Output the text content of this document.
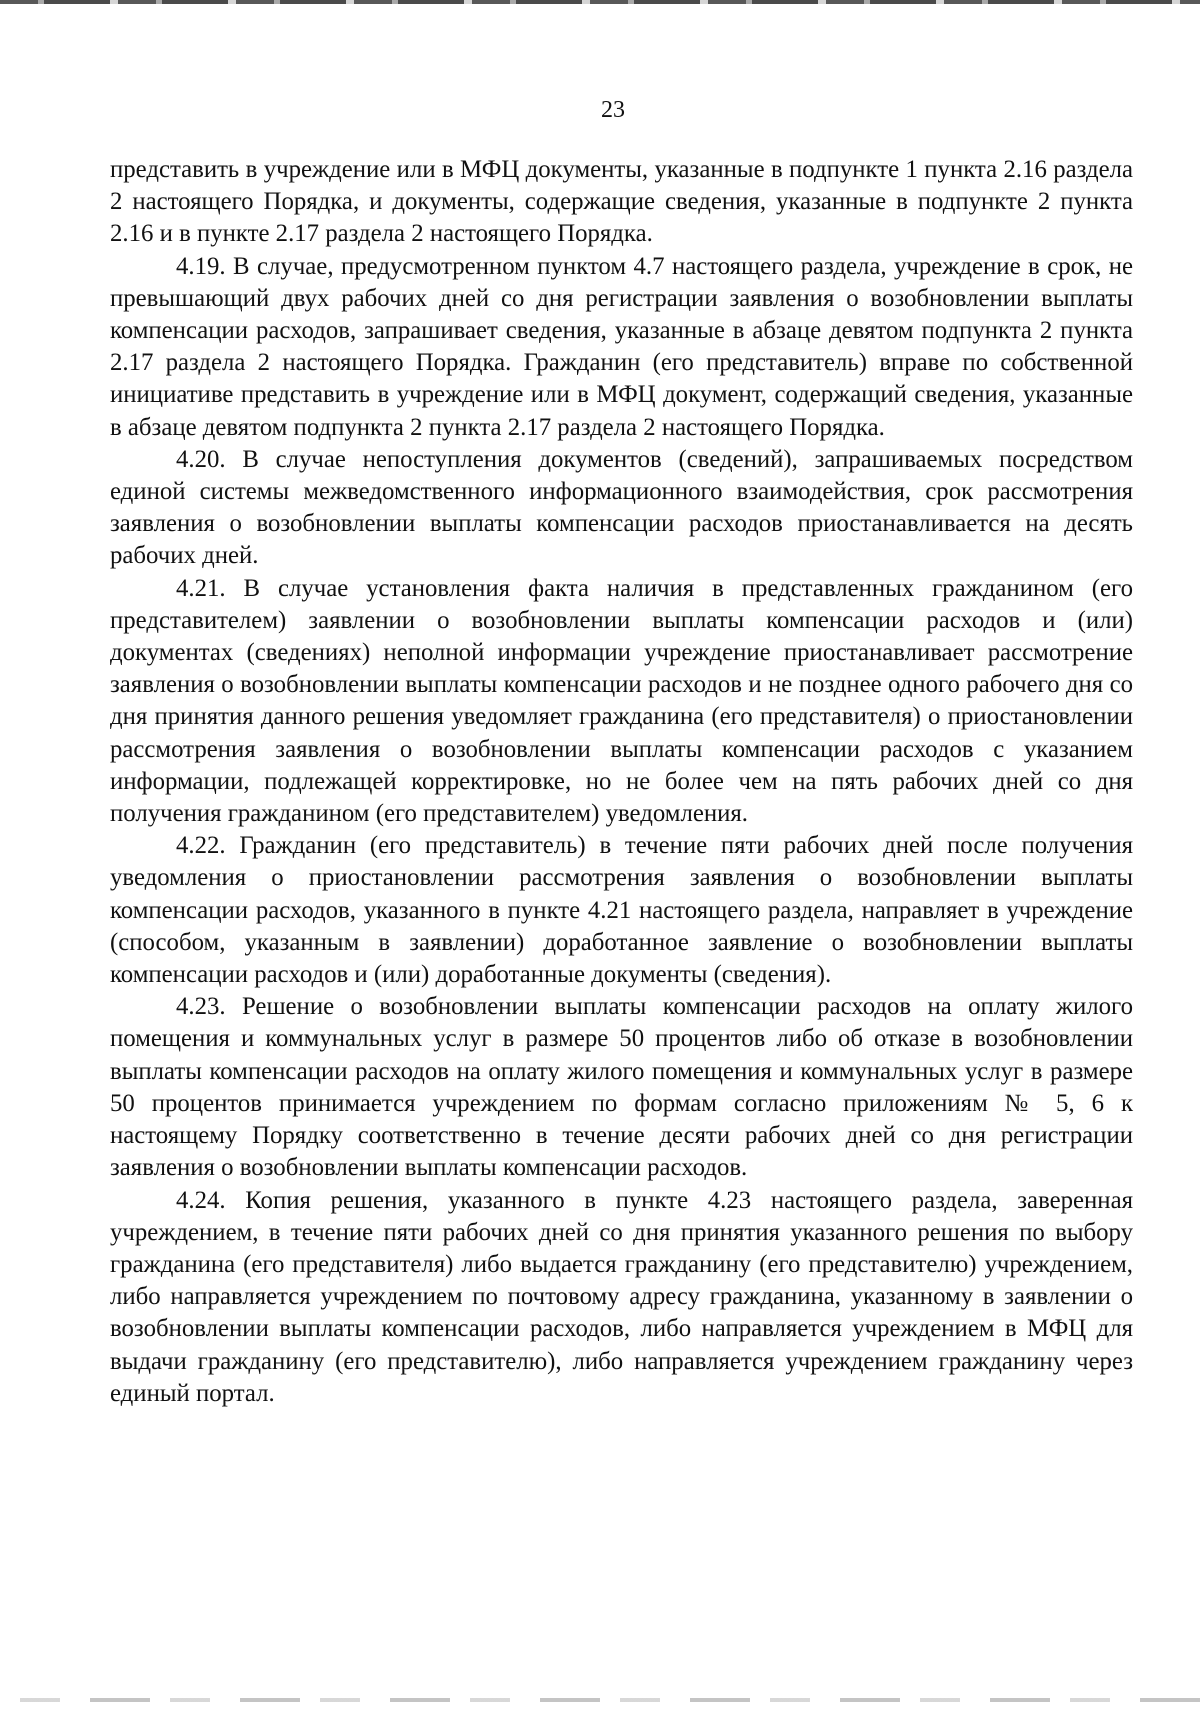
23

представить в учреждение или в МФЦ документы, указанные в подпункте 1 пункта 2.16 раздела 2 настоящего Порядка, и документы, содержащие сведения, указанные в подпункте 2 пункта 2.16 и в пункте 2.17 раздела 2 настоящего Порядка.

4.19. В случае, предусмотренном пунктом 4.7 настоящего раздела, учреждение в срок, не превышающий двух рабочих дней со дня регистрации заявления о возобновлении выплаты компенсации расходов, запрашивает сведения, указанные в абзаце девятом подпункта 2 пункта 2.17 раздела 2 настоящего Порядка. Гражданин (его представитель) вправе по собственной инициативе представить в учреждение или в МФЦ документ, содержащий сведения, указанные в абзаце девятом подпункта 2 пункта 2.17 раздела 2 настоящего Порядка.

4.20. В случае непоступления документов (сведений), запрашиваемых посредством единой системы межведомственного информационного взаимодействия, срок рассмотрения заявления о возобновлении выплаты компенсации расходов приостанавливается на десять рабочих дней.

4.21. В случае установления факта наличия в представленных гражданином (его представителем) заявлении о возобновлении выплаты компенсации расходов и (или) документах (сведениях) неполной информации учреждение приостанавливает рассмотрение заявления о возобновлении выплаты компенсации расходов и не позднее одного рабочего дня со дня принятия данного решения уведомляет гражданина (его представителя) о приостановлении рассмотрения заявления о возобновлении выплаты компенсации расходов с указанием информации, подлежащей корректировке, но не более чем на пять рабочих дней со дня получения гражданином (его представителем) уведомления.

4.22. Гражданин (его представитель) в течение пяти рабочих дней после получения уведомления о приостановлении рассмотрения заявления о возобновлении выплаты компенсации расходов, указанного в пункте 4.21 настоящего раздела, направляет в учреждение (способом, указанным в заявлении) доработанное заявление о возобновлении выплаты компенсации расходов и (или) доработанные документы (сведения).

4.23. Решение о возобновлении выплаты компенсации расходов на оплату жилого помещения и коммунальных услуг в размере 50 процентов либо об отказе в возобновлении выплаты компенсации расходов на оплату жилого помещения и коммунальных услуг в размере 50 процентов принимается учреждением по формам согласно приложениям № 5, 6 к настоящему Порядку соответственно в течение десяти рабочих дней со дня регистрации заявления о возобновлении выплаты компенсации расходов.

4.24. Копия решения, указанного в пункте 4.23 настоящего раздела, заверенная учреждением, в течение пяти рабочих дней со дня принятия указанного решения по выбору гражданина (его представителя) либо выдается гражданину (его представителю) учреждением, либо направляется учреждением по почтовому адресу гражданина, указанному в заявлении о возобновлении выплаты компенсации расходов, либо направляется учреждением в МФЦ для выдачи гражданину (его представителю), либо направляется учреждением гражданину через единый портал.
